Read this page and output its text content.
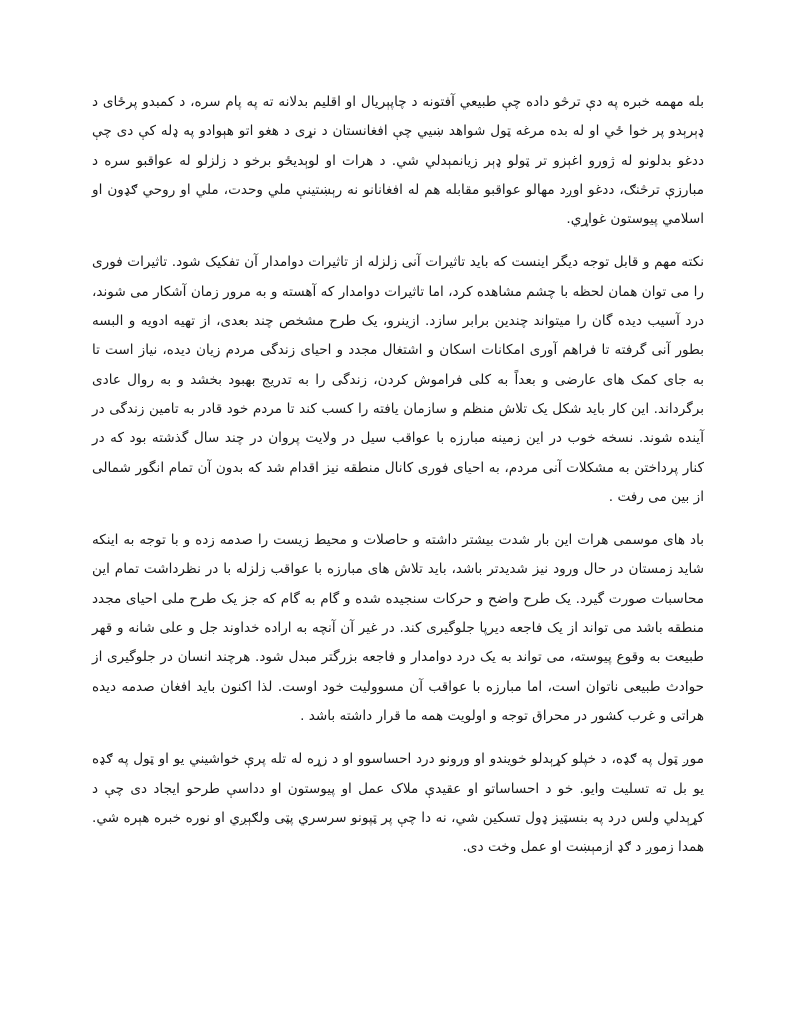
بله مهمه خبره په دې ترڅو داده چې طبيعي آفتونه د چاپېريال او اقليم بدلانه ته په پام سره، د کمبدو پرځای د ډېرېدو پر خوا ځي او له بده مرغه ټول شواهد ښيي چې افغانستان د نړی د هغو اتو هېوادو په ډله کې دی چې ددغو بدلونو له ژورو اغېزو تر ټولو ډېر زيانمېدلي شي. د هرات او لوېديځو برخو د زلزلو له عواقبو سره د مبارزې ترڅنګ، ددغو اوږد مهالو عواقبو مقابله هم له افغانانو نه رېښتينې ملي وحدت، ملي او روحي ګډون او اسلامي پيوستون غواړي.

نکته مهم و قابل توجه ديگر اينست که بايد تاثيرات آنی زلزله از تاثيرات دوامدار آن تفکيک شود. تاثيرات فوری را می توان همان لحظه با چشم مشاهده کرد، اما تاثيرات دوامدار که آهسته و به مرور زمان آشکار می شوند، درد آسيب ديده گان را ميتواند چندين برابر سازد. ازينرو، يک طرح مشخص چند بعدی، از تهيه ادويه و البسه بطور آنی گرفته تا فراهم آوری امکانات اسکان و اشتغال مجدد و احيای زندگی مردم زيان ديده، نياز است تا به جای کمک های عارضی و بعداً به کلی فراموش کردن، زندگی را به تدريج بهبود بخشد و به روال عادی برگرداند. اين کار بايد شکل يک تلاش منظم و سازمان يافته را کسب کند تا مردم خود قادر به تامين زندگی در آينده شوند. نسخه خوب در اين زمينه مبارزه با عواقب سيل در ولايت پروان در چند سال گذشته بود که در کنار پرداختن به مشکلات آنی مردم، به احيای فوری کانال منطقه نيز اقدام شد که بدون آن تمام انگور شمالی از بين می رفت .

باد های موسمی هرات اين بار شدت بيشتر داشته و حاصلات و محيط زيست را صدمه زده و با توجه به اينکه شايد زمستان در حال ورود نيز شديدتر باشد، بايد تلاش های مبارزه با عواقب زلزله با در نظرداشت تمام اين محاسبات صورت گيرد. يک طرح واضح و حرکات سنجيده شده و گام به گام که جز يک طرح ملی احيای مجدد منطقه باشد می تواند از يک فاجعه ديرپا جلوگيری کند. در غير آن آنچه به اراده خداوند جل و علی شانه و قهر طبيعت به وقوع پيوسته، می تواند به يک درد دوامدار و فاجعه بزرگتر مبدل شود. هرچند انسان در جلوگيری از حوادث طبيعی ناتوان است، اما مبارزه با عواقب آن مسوولیت خود اوست. لذا اکنون بايد افغان صدمه ديده هراتی و غرب کشور در محراق توجه و اولويت همه ما قرار داشته باشد .

موږ ټول په ګډه، د خپلو کړېدلو خويندو او ورونو درد احساسوو او د زړه له تله پرې خواشيني يو او ټول په ګډه يو بل ته تسليت وايو. خو د احساساتو او عقيدې ملاک عمل او پيوستون او دداسې طرحو ايجاد دی چې د کړېدلي ولس درد په بنسټيز ډول تسکين شي، نه دا چې پر ټپونو سرسري پټی ولګېږي او نوره خبره هېره شي. همدا زموږ د ګډ ازمېښت او عمل وخت دی.
